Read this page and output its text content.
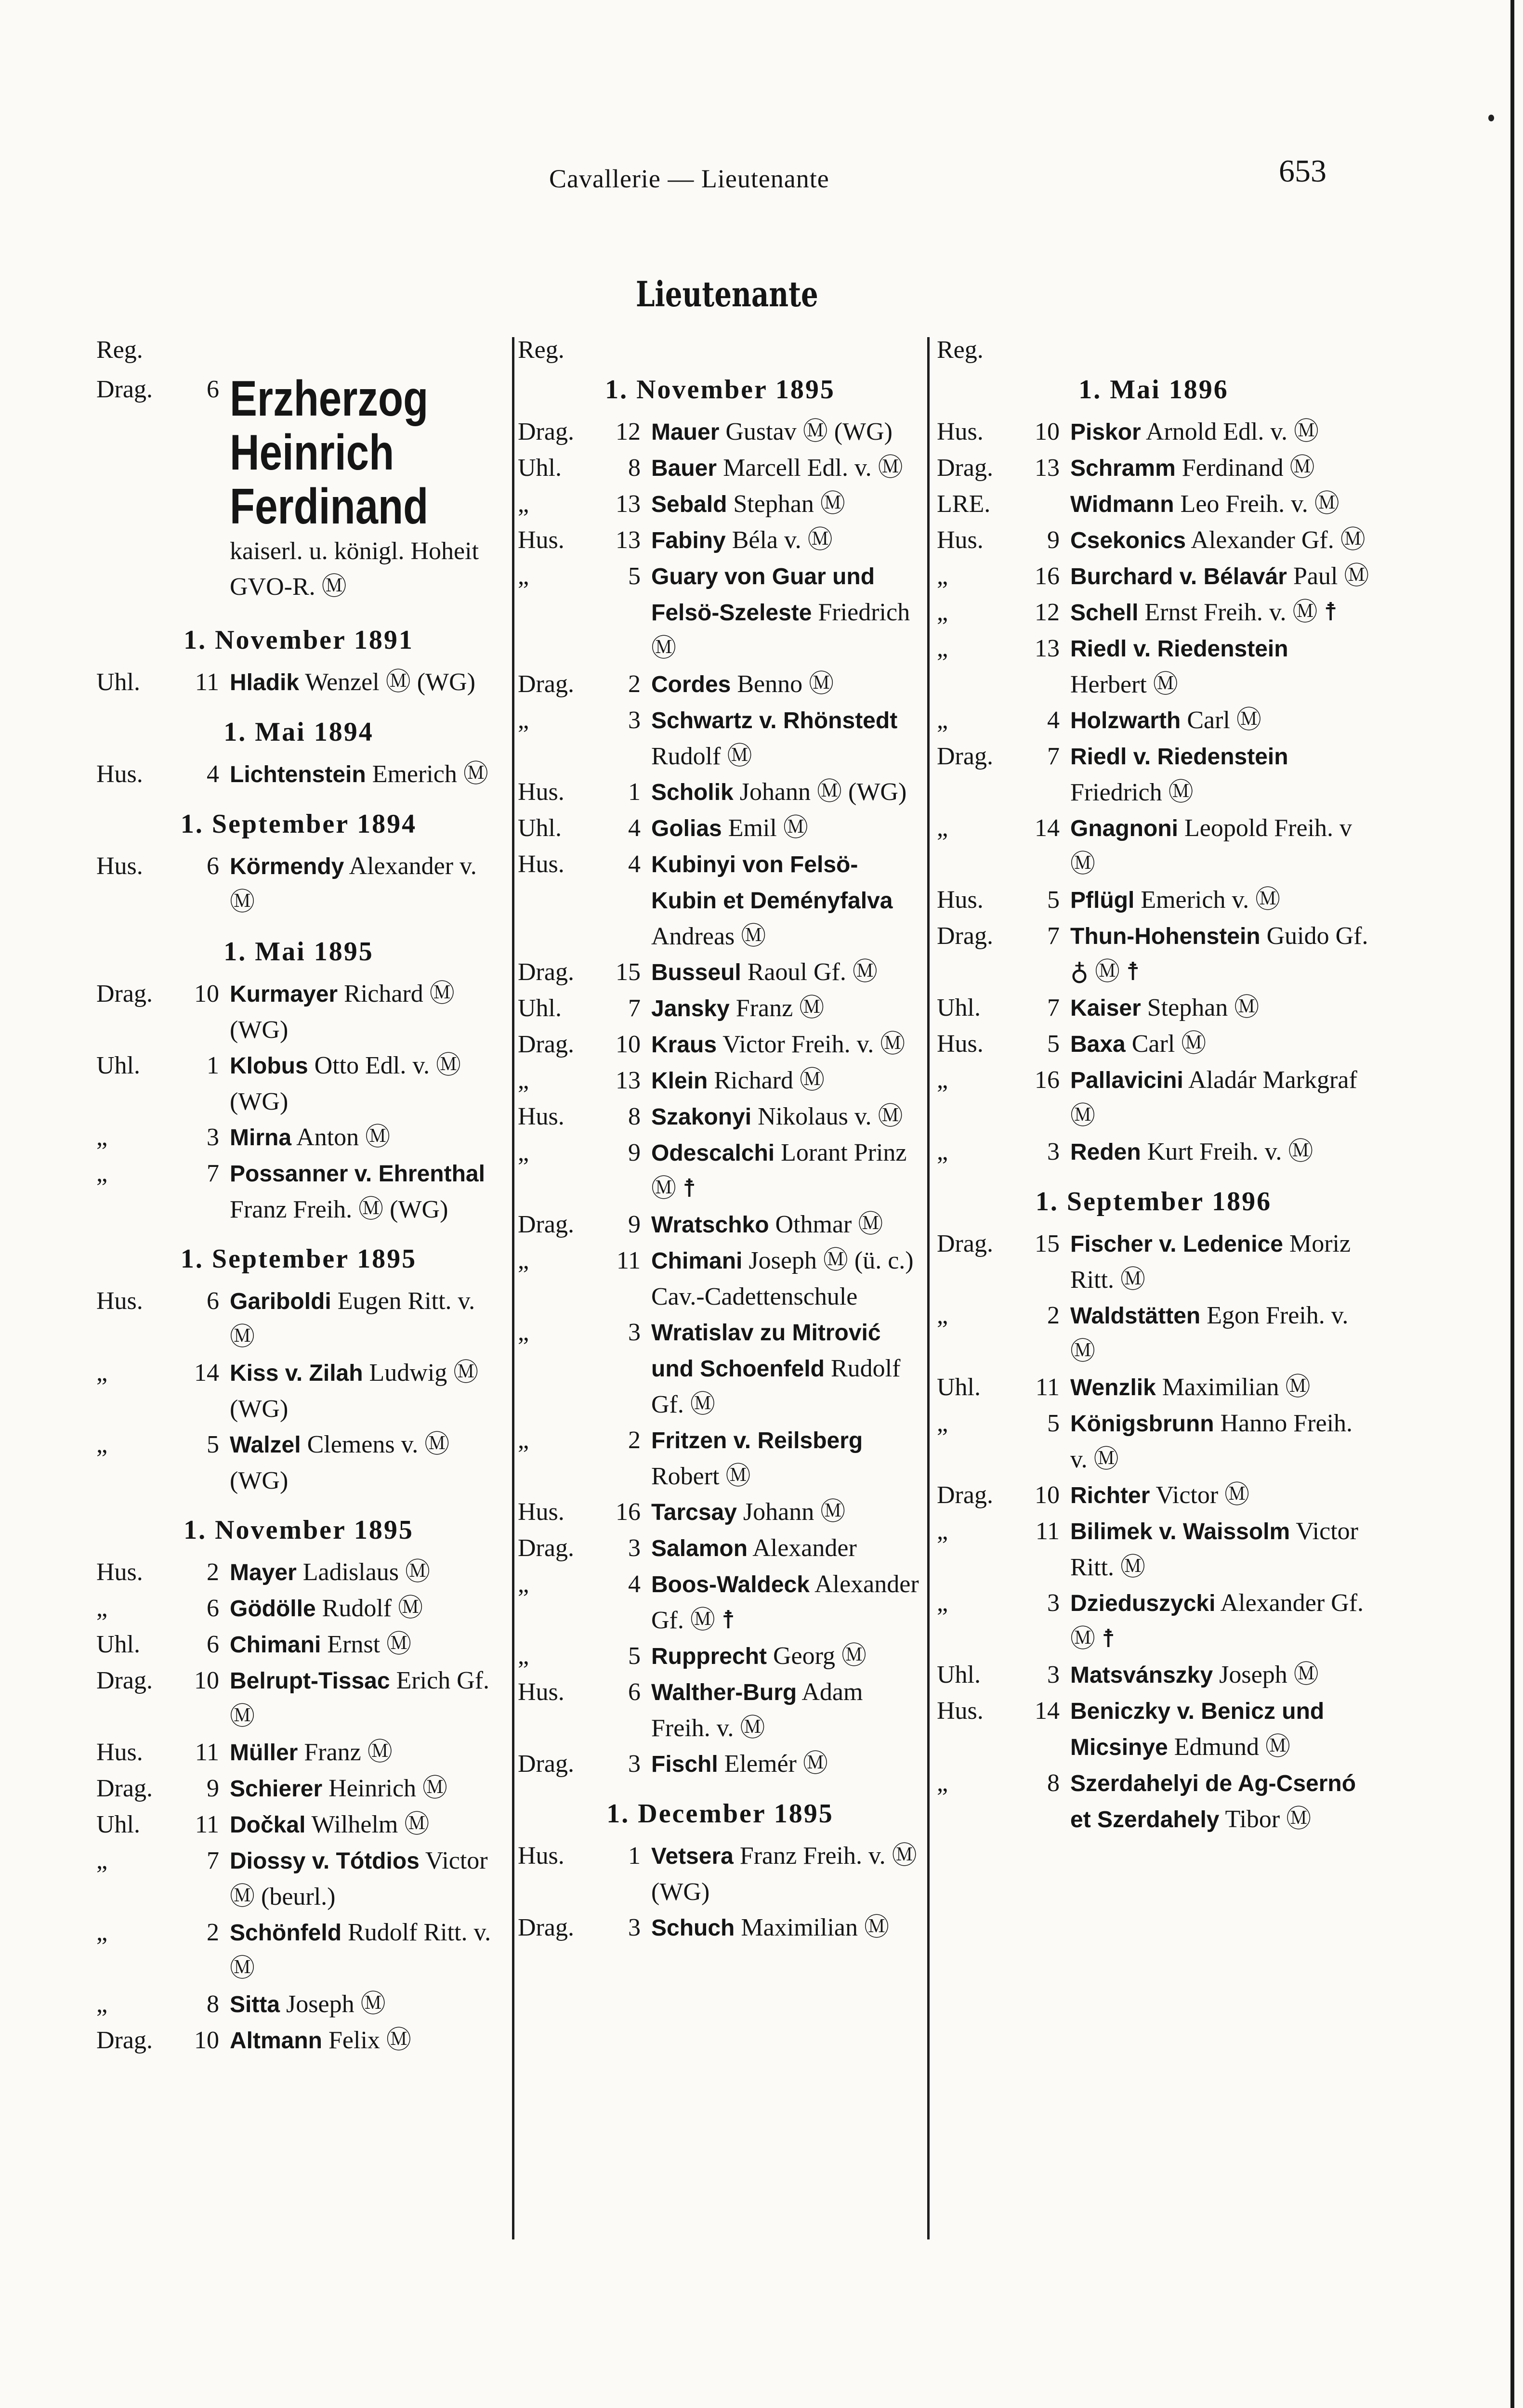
Cavallerie — Lieutenante	653
Lieutenante
Reg.
Drag.	6 Erzherzog Heinrich Ferdinand kaiserl. u. königl. Hoheit GVO-R. Ⓜ
1. November 1891
Uhl.	11 Hladik Wenzel Ⓜ (WG)
1. Mai 1894
Hus.	4 Lichtenstein Emerich Ⓜ
1. September 1894
Hus.	6 Körmendy Alexander v. Ⓜ
1. Mai 1895
Drag.	10 Kurmayer Richard Ⓜ (WG)
Uhl.	1 Klobus Otto Edl. v. Ⓜ (WG)
„	3 Mirna Anton Ⓜ
„	7 Possanner v. Ehrenthal Franz Freih. Ⓜ (WG)
1. September 1895
Hus.	6 Gariboldi Eugen Ritt. v. Ⓜ
„	14 Kiss v. Zilah Ludwig Ⓜ (WG)
„	5 Walzel Clemens v. Ⓜ (WG)
1. November 1895
Hus.	2 Mayer Ladislaus Ⓜ
„	6 Gödölle Rudolf Ⓜ
Uhl.	6 Chimani Ernst Ⓜ
Drag.	10 Belrupt-Tissac Erich Gf. Ⓜ
Hus.	11 Müller Franz Ⓜ
Drag.	9 Schierer Heinrich Ⓜ
Uhl.	11 Dočkal Wilhelm Ⓜ
„	7 Diossy v. Tótdios Victor Ⓜ (beurl.)
„	2 Schönfeld Rudolf Ritt. v. Ⓜ
„	8 Sitta Joseph Ⓜ
Drag.	10 Altmann Felix Ⓜ
Reg.
1. November 1895
Drag.	12 Mauer Gustav Ⓜ (WG)
Uhl.	8 Bauer Marcell Edl. v. Ⓜ
„	13 Sebald Stephan Ⓜ
Hus.	13 Fabiny Béla v. Ⓜ
„	5 Guary von Guar und Felsö-Szeleste Friedrich Ⓜ
Drag.	2 Cordes Benno Ⓜ
„	3 Schwartz v. Rhönstedt Rudolf Ⓜ
Hus.	1 Scholik Johann Ⓜ (WG)
Uhl.	4 Golias Emil Ⓜ
Hus.	4 Kubinyi von Felsö-Kubin et Deményfalva Andreas Ⓜ
Drag.	15 Busseul Raoul Gf. Ⓜ
Uhl.	7 Jansky Franz Ⓜ
Drag.	10 Kraus Victor Freih. v. Ⓜ
„	13 Klein Richard Ⓜ
Hus.	8 Szakonyi Nikolaus v. Ⓜ
„	9 Odescalchi Lorant Prinz Ⓜ ☨
Drag.	9 Wratschko Othmar Ⓜ
„	11 Chimani Joseph Ⓜ (ü. c.) Cav.-Cadettenschule
„	3 Wratislav zu Mitrović und Schoenfeld Rudolf Gf. Ⓜ
„	2 Fritzen v. Reilsberg Robert Ⓜ
Hus.	16 Tarcsay Johann Ⓜ
Drag.	3 Salamon Alexander
„	4 Boos-Waldeck Alexander Gf. Ⓜ ☨
„	5 Rupprecht Georg Ⓜ
Hus.	6 Walther-Burg Adam Freih. v. Ⓜ
Drag.	3 Fischl Elemér Ⓜ
1. December 1895
Hus.	1 Vetsera Franz Freih. v. Ⓜ (WG)
Drag.	3 Schuch Maximilian Ⓜ
Reg.
1. Mai 1896
Hus.	10 Piskor Arnold Edl. v. Ⓜ
Drag.	13 Schramm Ferdinand Ⓜ
LRE.	Widmann Leo Freih. v. Ⓜ
Hus.	9 Csekonics Alexander Gf. Ⓜ
„	16 Burchard v. Bélavár Paul Ⓜ
„	12 Schell Ernst Freih. v. Ⓜ ☨
„	13 Riedl v. Riedenstein Herbert Ⓜ
„	4 Holzwarth Carl Ⓜ
Drag.	7 Riedl v. Riedenstein Friedrich Ⓜ
„	14 Gnagnoni Leopold Freih. v Ⓜ
Hus.	5 Pflügl Emerich v. Ⓜ
Drag.	7 Thun-Hohenstein Guido Gf. ♁ Ⓜ ☨
Uhl.	7 Kaiser Stephan Ⓜ
Hus.	5 Baxa Carl Ⓜ
„	16 Pallavicini Aladár Markgraf Ⓜ
„	3 Reden Kurt Freih. v. Ⓜ
1. September 1896
Drag.	15 Fischer v. Ledenice Moriz Ritt. Ⓜ
„	2 Waldstätten Egon Freih. v. Ⓜ
Uhl.	11 Wenzlik Maximilian Ⓜ
„	5 Königsbrunn Hanno Freih. v. Ⓜ
Drag.	10 Richter Victor Ⓜ
„	11 Bilimek v. Waissolm Victor Ritt. Ⓜ
„	3 Dzieduszycki Alexander Gf. Ⓜ ☨
Uhl.	3 Matsvánszky Joseph Ⓜ
Hus.	14 Beniczky v. Benicz und Micsinye Edmund Ⓜ
„	8 Szerdahelyi de Ag-Csernó et Szerdahely Tibor Ⓜ
